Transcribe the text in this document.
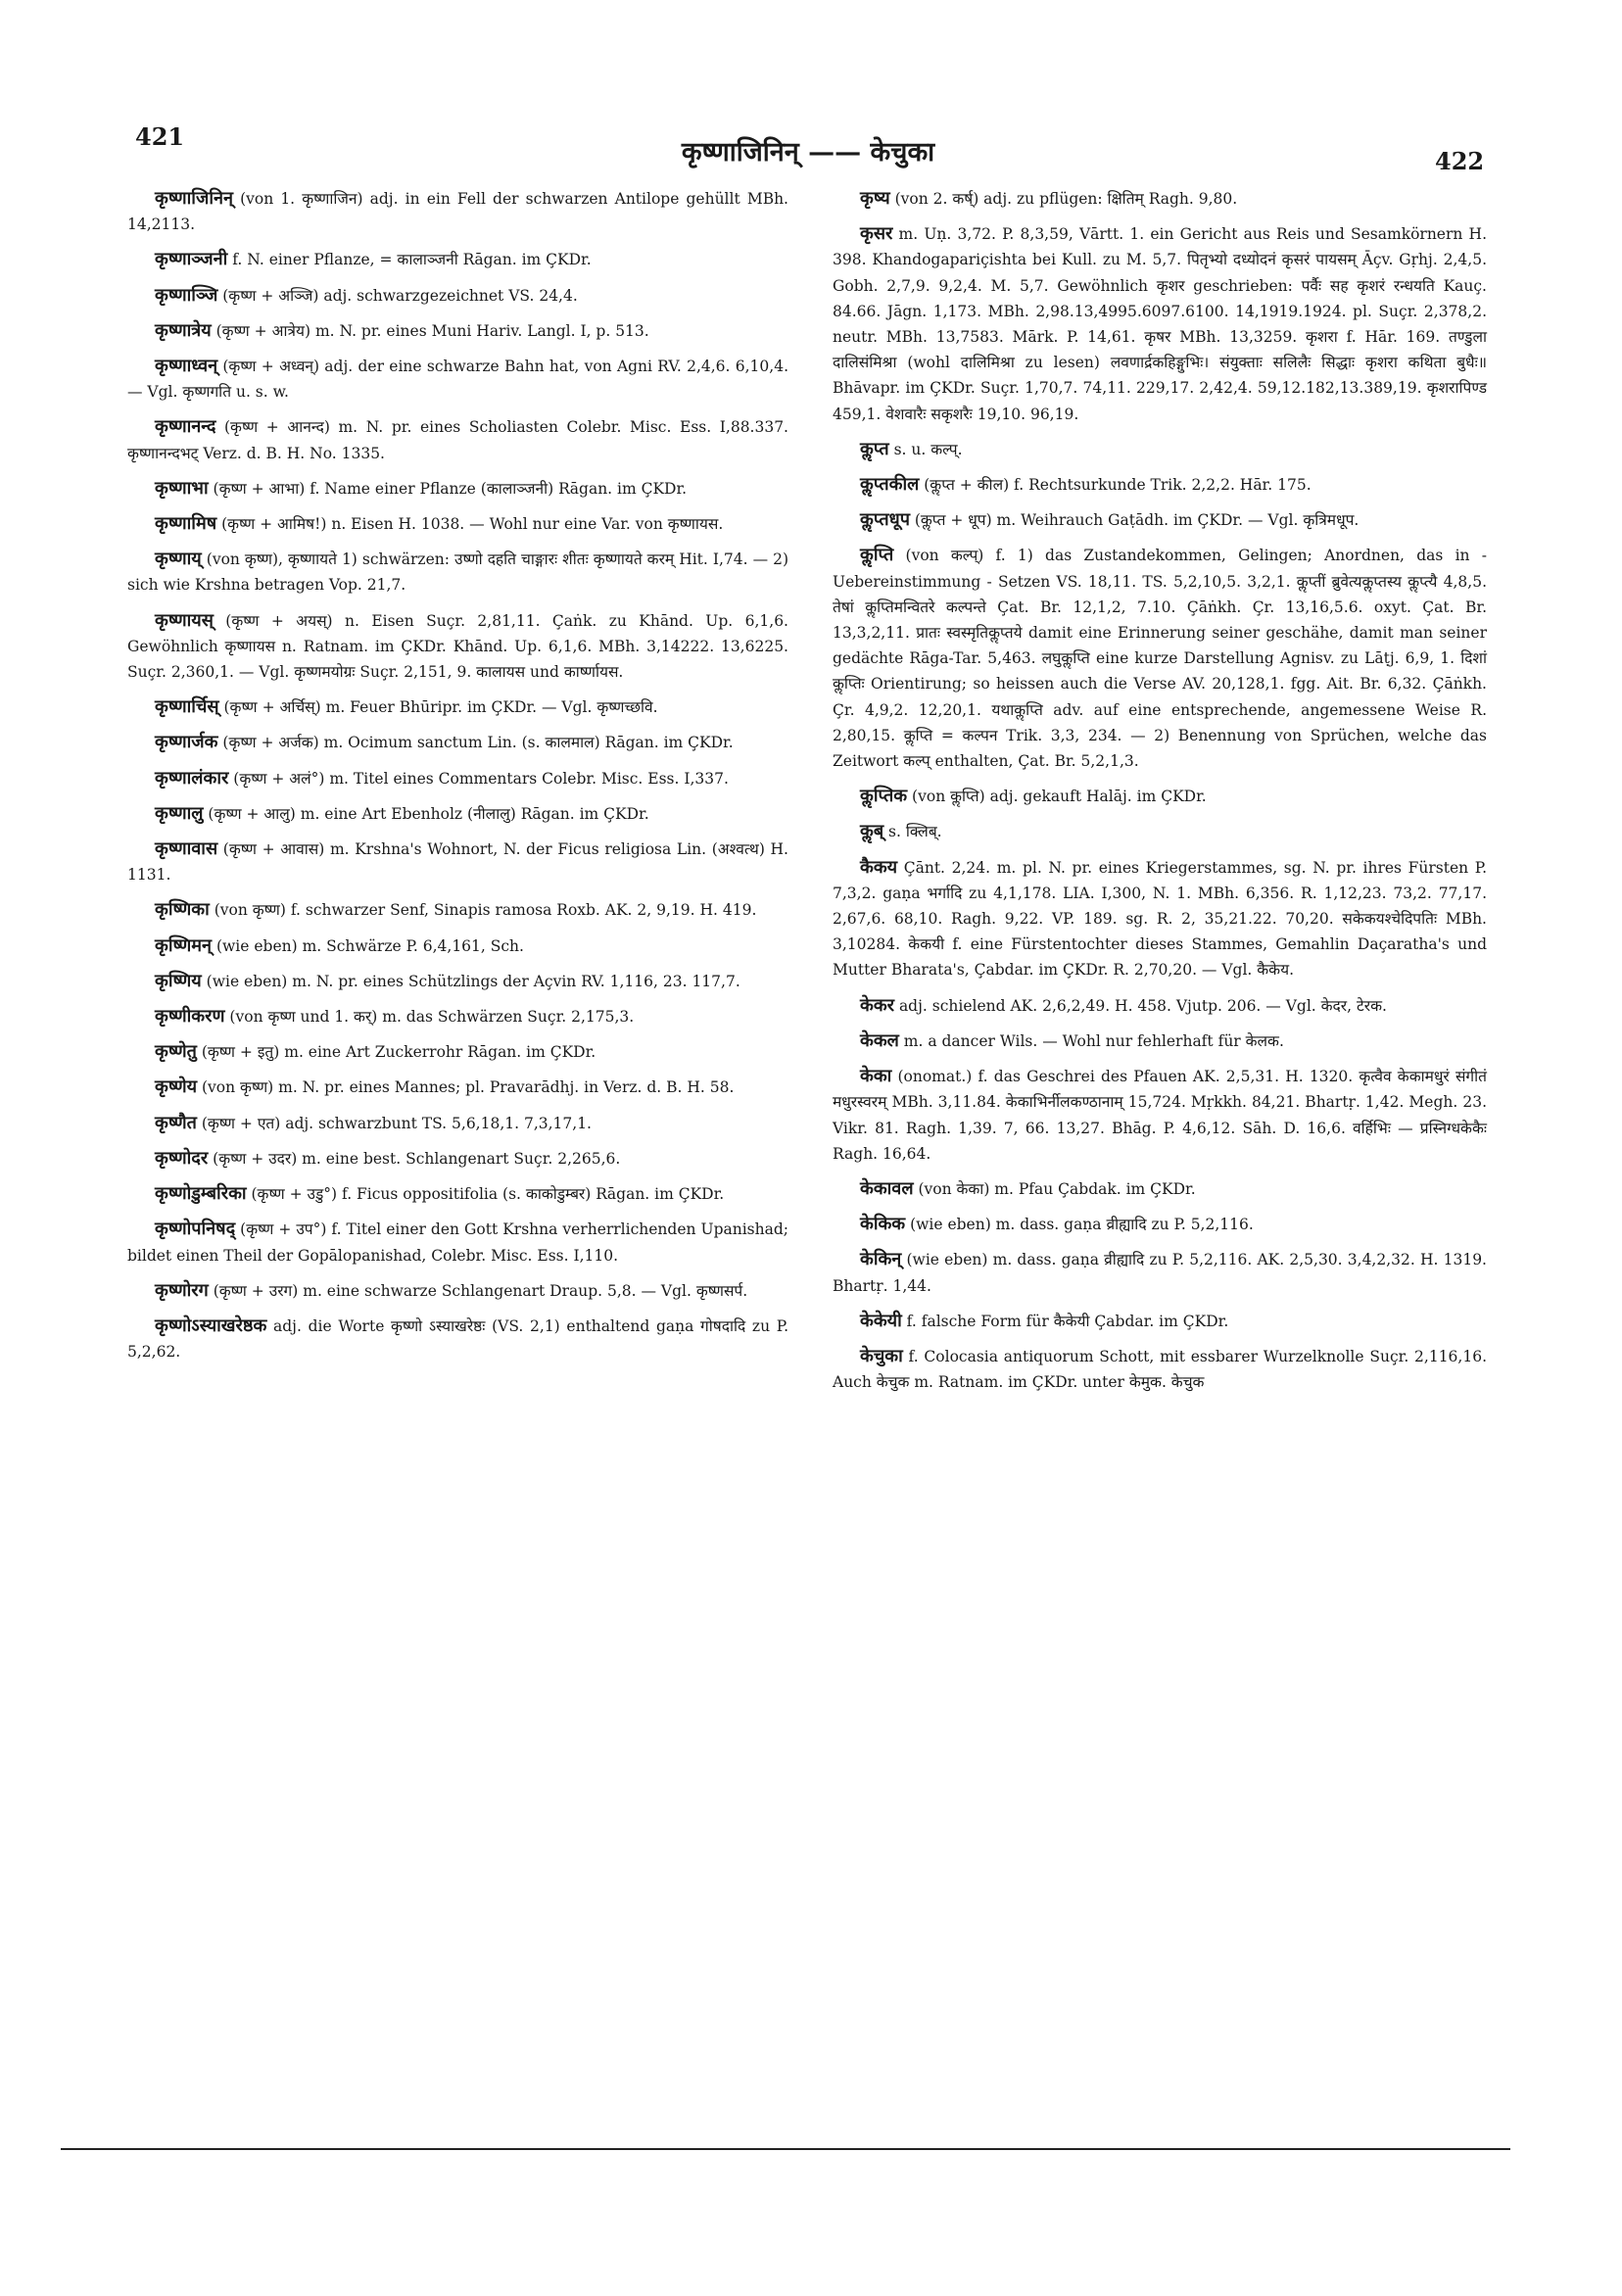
421
कृष्णाजिनिन् —— केचुका	422

कृष्णाजिनिन् (von 1. कृष्णाजिन) adj. in ein Fell der schwarzen Antilope gehüllt MBh. 14,2113.

कृष्णाञ्जनी f. N. einer Pflanze, = कालाञ्जनी Rāgan. im ÇKDr.

कृष्णाञ्जि (कृष्ण + अञ्जि) adj. schwarzgezeichnet VS. 24,4.

कृष्णात्रेय (कृष्ण + आत्रेय) m. N. pr. eines Muni Hariv. Langl. I, p. 513.

कृष्णाध्वन् (कृष्ण + अध्वन्) adj. der eine schwarze Bahn hat, von Agni RV. 2,4,6. 6,10,4. — Vgl. कृष्णगति u. s. w.

कृष्णानन्द (कृष्ण + आनन्द) m. N. pr. eines Scholiasten Colebr. Misc. Ess. I,88.337. कृष्णानन्दभट् Verz. d. B. H. No. 1335.

कृष्णाभा (कृष्ण + आभा) f. Name einer Pflanze (कालाञ्जनी) Rāgan. im ÇKDr.

कृष्णामिष (कृष्ण + आमिष!) n. Eisen H. 1038. — Wohl nur eine Var. von कृष्णायस.

कृष्णाय् (von कृष्ण), कृष्णायते 1) schwärzen: उष्णो दहति चाङ्गारः शीतः कृष्णायते करम् Hit. I,74. — 2) sich wie Krshna betragen Vop. 21,7.

कृष्णायस् (कृष्ण + अयस्) n. Eisen Suçr. 2,81,11. Çaṅk. zu Khānd. Up. 6,1,6. Gewöhnlich कृष्णायस n. Ratnam. im ÇKDr. Khānd. Up. 6,1,6. MBh. 3,14222. 13,6225. Suçr. 2,360,1. — Vgl. कृष्णमयोग्रः Suçr. 2,151, 9. कालायस und कार्ष्णायस.

कृष्णार्चिस् (कृष्ण + अर्चिस्) m. Feuer Bhūripr. im ÇKDr. — Vgl. कृष्णच्छवि.

कृष्णार्जक (कृष्ण + अर्जक) m. Ocimum sanctum Lin. (s. कालमाल) Rāgan. im ÇKDr.

कृष्णालंकार (कृष्ण + अलं°) m. Titel eines Commentars Colebr. Misc. Ess. I,337.

कृष्णालु (कृष्ण + आलु) m. eine Art Ebenholz (नीलालु) Rāgan. im ÇKDr.

कृष्णावास (कृष्ण + आवास) m. Krshna's Wohnort, N. der Ficus religiosa Lin. (अश्वत्थ) H. 1131.

कृष्णिका (von कृष्ण) f. schwarzer Senf, Sinapis ramosa Roxb. AK. 2, 9,19. H. 419.

कृष्णिमन् (wie eben) m. Schwärze P. 6,4,161, Sch.

कृष्णिय (wie eben) m. N. pr. eines Schützlings der Açvin RV. 1,116, 23. 117,7.

कृष्णीकरण (von कृष्ण und 1. कर्) m. das Schwärzen Suçr. 2,175,3.

कृष्णेतु (कृष्ण + इतु) m. eine Art Zuckerrohr Rāgan. im ÇKDr.

कृष्णेय (von कृष्ण) m. N. pr. eines Mannes; pl. Pravarādhj. in Verz. d. B. H. 58.

कृष्णैत (कृष्ण + एत) adj. schwarzbunt TS. 5,6,18,1. 7,3,17,1.

कृष्णोदर (कृष्ण + उदर) m. eine best. Schlangenart Suçr. 2,265,6.

कृष्णोडुम्बरिका (कृष्ण + उडु°) f. Ficus oppositifolia (s. काकोडुम्बर) Rāgan. im ÇKDr.

कृष्णोपनिषद् (कृष्ण + उप°) f. Titel einer den Gott Krshna verherrlichenden Upanishad; bildet einen Theil der Gopālopanishad, Colebr. Misc. Ess. I,110.

कृष्णोरग (कृष्ण + उरग) m. eine schwarze Schlangenart Draup. 5,8. — Vgl. कृष्णसर्प.

कृष्णोऽस्याखरेष्ठक adj. die Worte कृष्णो ऽस्याखरेष्ठः (VS. 2,1) enthaltend gaṇa गोषदादि zu P. 5,2,62.

कृष्य (von 2. कर्ष्) adj. zu pflügen: क्षितिम् Ragh. 9,80.

कृसर m. Uṇ. 3,72. P. 8,3,59, Vārtt. 1. ein Gericht aus Reis und Sesamkörnern H. 398. Khandogapariçishta bei Kull. zu M. 5,7. पितृभ्यो दध्योदनं कृसरं पायसम् Āçv. Gṛhj. 2,4,5. Gobh. 2,7,9. 9,2,4. M. 5,7. Gewöhnlich कृशर geschrieben: पर्वैः सह कृशरं रन्धयति Kauç. 84.66. Jāgn. 1,173. MBh. 2,98.13,4995.6097.6100. 14,1919.1924. pl. Suçr. 2,378,2. neutr. MBh. 13,7583. Mārk. P. 14,61. कृषर MBh. 13,3259. कृशरा f. Hār. 169. तण्डुला दालिसंमिश्रा (wohl दालिमिश्रा zu lesen) लवणार्द्रकहिङ्गुभिः। संयुक्ताः सलिलैः सिद्धाः कृशरा कथिता बुधैः॥ Bhāvapr. im ÇKDr. Suçr. 1,70,7. 74,11. 229,17. 2,42,4. 59,12.182,13.389,19. कृशरापिण्ड 459,1. वेशवारैः सकृशरैः 19,10. 96,19.

कॢप्त s. u. कल्प्.

कॢप्तकील (कॢप्त + कील) f. Rechtsurkunde Trik. 2,2,2. Hār. 175.

कॢप्तधूप (कॢप्त + धूप) m. Weihrauch Gaṭādh. im ÇKDr. — Vgl. कृत्रिमधूप.

कॢप्ति (von कल्प्) f. 1) das Zustandekommen, Gelingen; Anordnen, das in - Uebereinstimmung - Setzen VS. 18,11. TS. 5,2,10,5. 3,2,1. कॢप्तीं ब्रुवेत्यकॢप्तस्य कॢप्त्यै 4,8,5. तेषां कॢप्तिमन्वितरे कल्पन्ते Çat. Br. 12,1,2, 7.10. Çāṅkh. Çr. 13,16,5.6. oxyt. Çat. Br. 13,3,2,11. प्रातः स्वस्मृतिकॢप्तये damit eine Erinnerung seiner geschähe, damit man seiner gedächte Rāga-Tar. 5,463. लघुकॢप्ति eine kurze Darstellung Agnisv. zu Lāṭj. 6,9, 1. दिशां कॢप्तिः Orientirung; so heissen auch die Verse AV. 20,128,1. fgg. Ait. Br. 6,32. Çāṅkh. Çr. 4,9,2. 12,20,1. यथाकॢप्ति adv. auf eine entsprechende, angemessene Weise R. 2,80,15. कॢप्ति = कल्पन Trik. 3,3, 234. — 2) Benennung von Sprüchen, welche das Zeitwort कल्प् enthalten, Çat. Br. 5,2,1,3.

कॢप्तिक (von कॢप्ति) adj. gekauft Halāj. im ÇKDr.

कॢब् s. क्लिब्.

कैकय Çānt. 2,24. m. pl. N. pr. eines Kriegerstammes, sg. N. pr. ihres Fürsten P. 7,3,2. gaṇa भर्गादि zu 4,1,178. LIA. I,300, N. 1. MBh. 6,356. R. 1,12,23. 73,2. 77,17. 2,67,6. 68,10. Ragh. 9,22. VP. 189. sg. R. 2, 35,21.22. 70,20. सकेकयश्चेदिपतिः MBh. 3,10284. केकयी f. eine Fürstentochter dieses Stammes, Gemahlin Daçaratha's und Mutter Bharata's, Çabdar. im ÇKDr. R. 2,70,20. — Vgl. कैकेय.

केकर adj. schielend AK. 2,6,2,49. H. 458. Vjutp. 206. — Vgl. केदर, टेरक.

केकल m. a dancer Wils. — Wohl nur fehlerhaft für केलक.

केका (onomat.) f. das Geschrei des Pfauen AK. 2,5,31. H. 1320. कृत्वैव केकामधुरं संगीतं मधुरस्वरम् MBh. 3,11.84. केकाभिर्नीलकण्ठानाम् 15,724. Mṛkkh. 84,21. Bhartṛ. 1,42. Megh. 23. Vikr. 81. Ragh. 1,39. 7, 66. 13,27. Bhāg. P. 4,6,12. Sāh. D. 16,6. वर्हिभिः — प्रस्निग्धकेकैः Ragh. 16,64.

केकावल (von केका) m. Pfau Çabdak. im ÇKDr.

केकिक (wie eben) m. dass. gaṇa व्रीह्यादि zu P. 5,2,116.

केकिन् (wie eben) m. dass. gaṇa व्रीह्यादि zu P. 5,2,116. AK. 2,5,30. 3,4,2,32. H. 1319. Bhartṛ. 1,44.

केकेयी f. falsche Form für कैकेयी Çabdar. im ÇKDr.

केचुका f. Colocasia antiquorum Schott, mit essbarer Wurzelknolle Suçr. 2,116,16. Auch केचुक m. Ratnam. im ÇKDr. unter केमुक. केचुक
